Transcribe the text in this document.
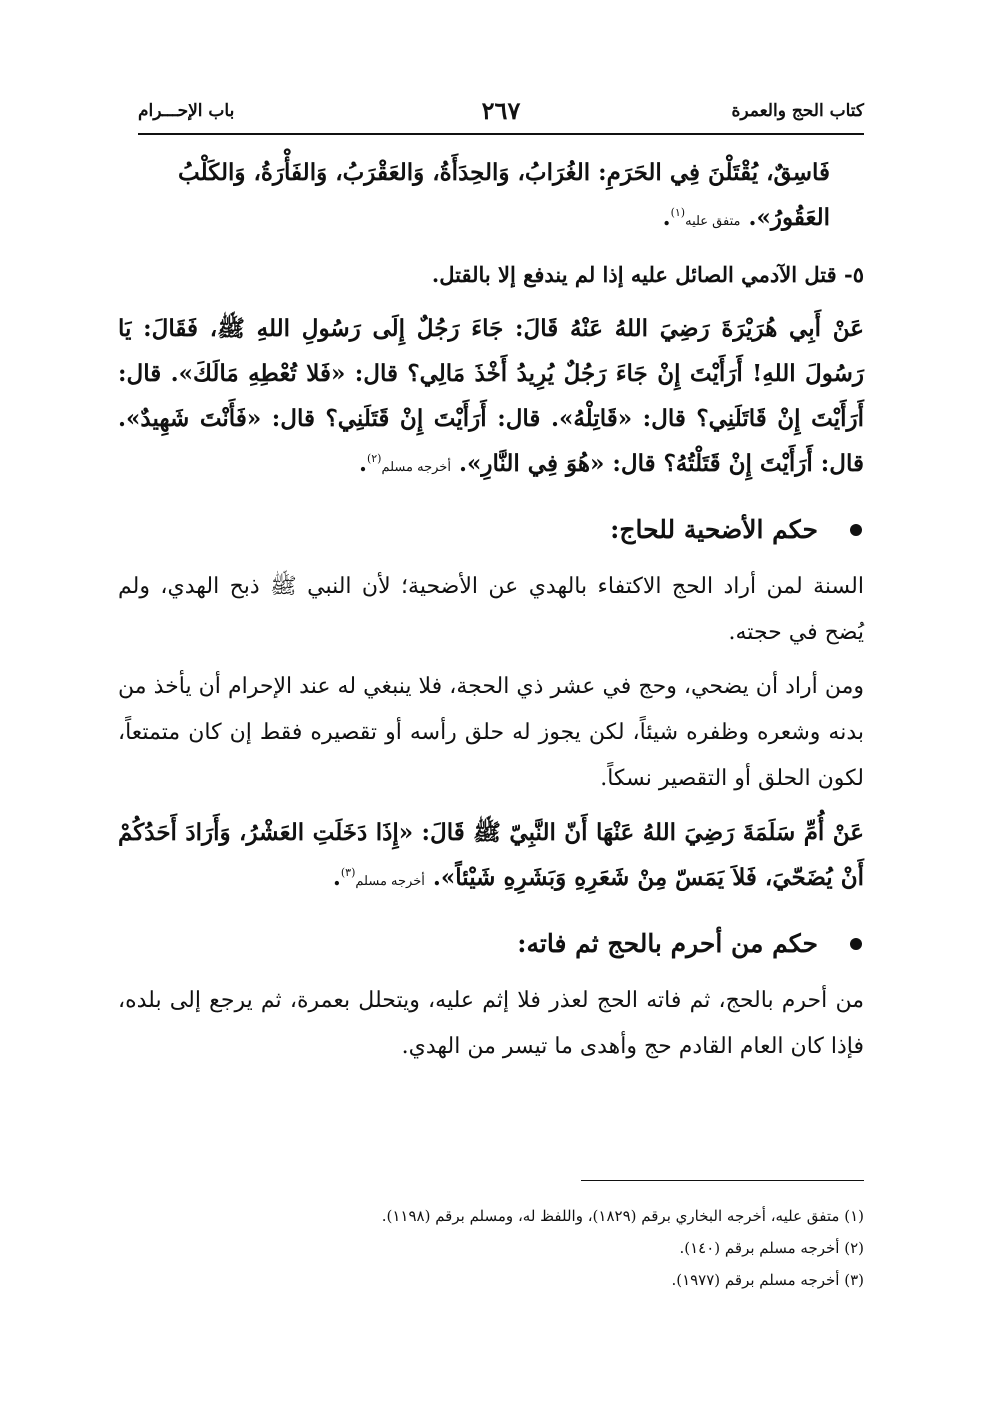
كتاب الحج والعمرة
٢٦٧
باب الإحـــرام

فَاسِقٌ، يُقْتَلْنَ فِي الحَرَمِ: الغُرَابُ، وَالحِدَأَةُ، وَالعَقْرَبُ، وَالفَأْرَةُ، وَالكَلْبُ
العَقُورُ». متفق عليه$^{(١)}$.

٥- قتل الآدمي الصائل عليه إذا لم يندفع إلا بالقتل.

عَنْ أَبِي هُرَيْرَةَ رَضِيَ اللهُ عَنْهُ قَالَ: جَاءَ رَجُلٌ إِلَى رَسُولِ اللهِ ﷺ، فَقَالَ: يَا رَسُولَ اللهِ! أَرَأَيْتَ إِنْ جَاءَ رَجُلٌ يُرِيدُ أَخْذَ مَالِي؟ قال: «فَلا تُعْطِهِ مَالَكَ». قال: أَرَأَيْتَ إِنْ قَاتَلَنِي؟ قال: «قَاتِلْهُ». قال: أَرَأَيْتَ إِنْ قَتَلَنِي؟ قال: «فَأَنْتَ شَهِيدٌ». قال: أَرَأَيْتَ إِنْ قَتَلْتُهُ؟ قال: «هُوَ فِي النَّارِ». أخرجه مسلم$^{(٢)}$.

حكم الأضحية للحاج:

السنة لمن أراد الحج الاكتفاء بالهدي عن الأضحية؛ لأن النبي ﷺ ذبح الهدي، ولم يُضح في حجته.

ومن أراد أن يضحي، وحج في عشر ذي الحجة، فلا ينبغي له عند الإحرام أن يأخذ من بدنه وشعره وظفره شيئاً، لكن يجوز له حلق رأسه أو تقصيره فقط إن كان متمتعاً، لكون الحلق أو التقصير نسكاً.

عَنْ أُمِّ سَلَمَةَ رَضِيَ اللهُ عَنْهَا أَنّ النَّبِيّ ﷺ قَالَ: «إِذَا دَخَلَتِ العَشْرُ، وَأَرَادَ أَحَدُكُمْ أَنْ يُضَحّيَ، فَلاَ يَمَسّ مِنْ شَعَرِهِ وَبَشَرِهِ شَيْئاً». أخرجه مسلم$^{(٣)}$.

حكم من أحرم بالحج ثم فاته:

من أحرم بالحج، ثم فاته الحج لعذر فلا إثم عليه، ويتحلل بعمرة، ثم يرجع إلى بلده، فإذا كان العام القادم حج وأهدى ما تيسر من الهدي.

(١) متفق عليه، أخرجه البخاري برقم (١٨٢٩)، واللفظ له، ومسلم برقم (١١٩٨).

(٢) أخرجه مسلم برقم (١٤٠).

(٣) أخرجه مسلم برقم (١٩٧٧).
